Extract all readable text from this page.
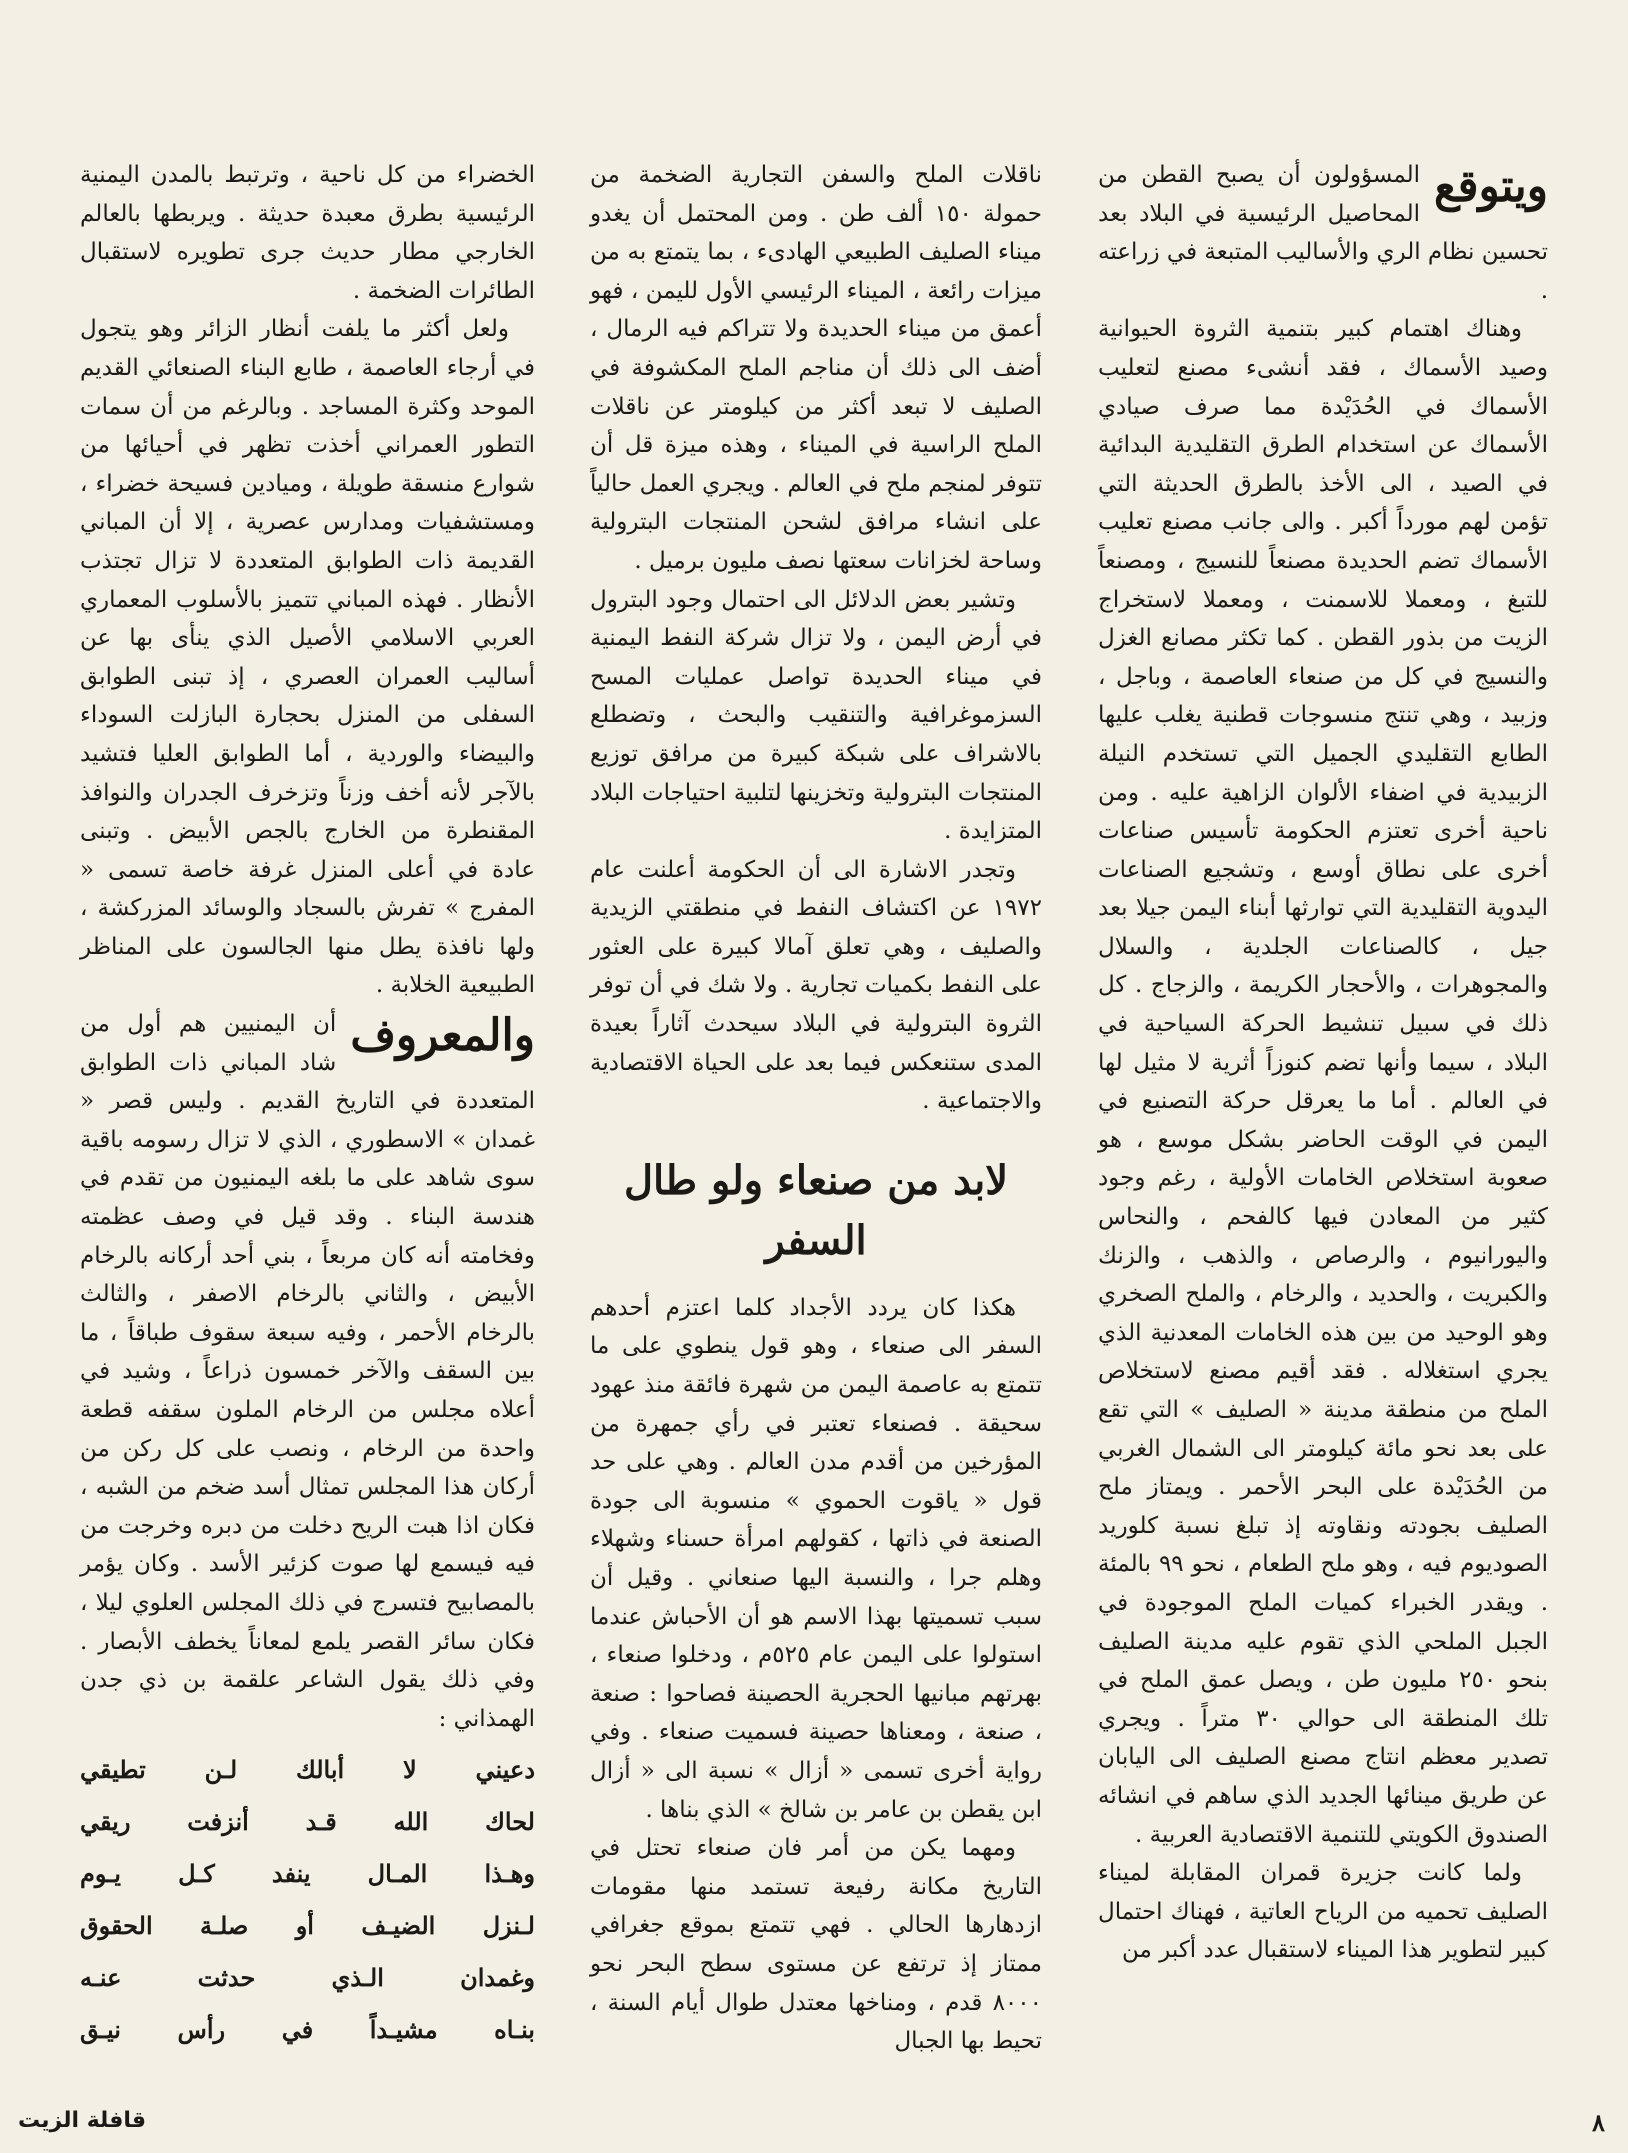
ويتوقع

المسؤولون أن يصبح القطن من المحاصيل الرئيسية في البلاد بعد تحسين نظام الري والأساليب المتبعة في زراعته .

وهناك اهتمام كبير بتنمية الثروة الحيوانية وصيد الأسماك ، فقد أنشىء مصنع لتعليب الأسماك في الحُدَيْدة مما صرف صيادي الأسماك عن استخدام الطرق التقليدية البدائية في الصيد ، الى الأخذ بالطرق الحديثة التي تؤمن لهم مورداً أكبر . والى جانب مصنع تعليب الأسماك تضم الحديدة مصنعاً للنسيج ، ومصنعاً للتبغ ، ومعملا للاسمنت ، ومعملا لاستخراج الزيت من بذور القطن . كما تكثر مصانع الغزل والنسيج في كل من صنعاء العاصمة ، وباجل ، وزبيد ، وهي تنتج منسوجات قطنية يغلب عليها الطابع التقليدي الجميل التي تستخدم النيلة الزبيدية في اضفاء الألوان الزاهية عليه . ومن ناحية أخرى تعتزم الحكومة تأسيس صناعات أخرى على نطاق أوسع ، وتشجيع الصناعات اليدوية التقليدية التي توارثها أبناء اليمن جيلا بعد جيل ، كالصناعات الجلدية ، والسلال والمجوهرات ، والأحجار الكريمة ، والزجاج . كل ذلك في سبيل تنشيط الحركة السياحية في البلاد ، سيما وأنها تضم كنوزاً أثرية لا مثيل لها في العالم . أما ما يعرقل حركة التصنيع في اليمن في الوقت الحاضر بشكل موسع ، هو صعوبة استخلاص الخامات الأولية ، رغم وجود كثير من المعادن فيها كالفحم ، والنحاس واليورانيوم ، والرصاص ، والذهب ، والزنك والكبريت ، والحديد ، والرخام ، والملح الصخري وهو الوحيد من بين هذه الخامات المعدنية الذي يجري استغلاله . فقد أقيم مصنع لاستخلاص الملح من منطقة مدينة « الصليف » التي تقع على بعد نحو مائة كيلومتر الى الشمال الغربي من الحُدَيْدة على البحر الأحمر . ويمتاز ملح الصليف بجودته ونقاوته إذ تبلغ نسبة كلوريد الصوديوم فيه ، وهو ملح الطعام ، نحو ٩٩ بالمئة . ويقدر الخبراء كميات الملح الموجودة في الجبل الملحي الذي تقوم عليه مدينة الصليف بنحو ٢٥٠ مليون طن ، ويصل عمق الملح في تلك المنطقة الى حوالي ٣٠ متراً . ويجري تصدير معظم انتاج مصنع الصليف الى اليابان عن طريق مينائها الجديد الذي ساهم في انشائه الصندوق الكويتي للتنمية الاقتصادية العربية .

ولما كانت جزيرة قمران المقابلة لميناء الصليف تحميه من الرياح العاتية ، فهناك احتمال كبير لتطوير هذا الميناء لاستقبال عدد أكبر من

ناقلات الملح والسفن التجارية الضخمة من حمولة ١٥٠ ألف طن . ومن المحتمل أن يغدو ميناء الصليف الطبيعي الهادىء ، بما يتمتع به من ميزات رائعة ، الميناء الرئيسي الأول لليمن ، فهو أعمق من ميناء الحديدة ولا تتراكم فيه الرمال ، أضف الى ذلك أن مناجم الملح المكشوفة في الصليف لا تبعد أكثر من كيلومتر عن ناقلات الملح الراسية في الميناء ، وهذه ميزة قل أن تتوفر لمنجم ملح في العالم . ويجري العمل حالياً على انشاء مرافق لشحن المنتجات البترولية وساحة لخزانات سعتها نصف مليون برميل .

وتشير بعض الدلائل الى احتمال وجود البترول في أرض اليمن ، ولا تزال شركة النفط اليمنية في ميناء الحديدة تواصل عمليات المسح السزموغرافية والتنقيب والبحث ، وتضطلع بالاشراف على شبكة كبيرة من مرافق توزيع المنتجات البترولية وتخزينها لتلبية احتياجات البلاد المتزايدة .

وتجدر الاشارة الى أن الحكومة أعلنت عام ١٩٧٢ عن اكتشاف النفط في منطقتي الزيدية والصليف ، وهي تعلق آمالا كبيرة على العثور على النفط بكميات تجارية . ولا شك في أن توفر الثروة البترولية في البلاد سيحدث آثاراً بعيدة المدى ستنعكس فيما بعد على الحياة الاقتصادية والاجتماعية .

لابد من صنعاء ولو طال السفر

هكذا كان يردد الأجداد كلما اعتزم أحدهم السفر الى صنعاء ، وهو قول ينطوي على ما تتمتع به عاصمة اليمن من شهرة فائقة منذ عهود سحيقة . فصنعاء تعتبر في رأي جمهرة من المؤرخين من أقدم مدن العالم . وهي على حد قول « ياقوت الحموي » منسوبة الى جودة الصنعة في ذاتها ، كقولهم امرأة حسناء وشهلاء وهلم جرا ، والنسبة اليها صنعاني . وقيل أن سبب تسميتها بهذا الاسم هو أن الأحباش عندما استولوا على اليمن عام ٥٢٥م ، ودخلوا صنعاء ، بهرتهم مبانيها الحجرية الحصينة فصاحوا : صنعة ، صنعة ، ومعناها حصينة فسميت صنعاء . وفي رواية أخرى تسمى « أزال » نسبة الى « أزال ابن يقطن بن عامر بن شالخ » الذي بناها .

ومهما يكن من أمر فان صنعاء تحتل في التاريخ مكانة رفيعة تستمد منها مقومات ازدهارها الحالي . فهي تتمتع بموقع جغرافي ممتاز إذ ترتفع عن مستوى سطح البحر نحو ٨٠٠٠ قدم ، ومناخها معتدل طوال أيام السنة ، تحيط بها الجبال

الخضراء من كل ناحية ، وترتبط بالمدن اليمنية الرئيسية بطرق معبدة حديثة . ويربطها بالعالم الخارجي مطار حديث جرى تطويره لاستقبال الطائرات الضخمة .

ولعل أكثر ما يلفت أنظار الزائر وهو يتجول في أرجاء العاصمة ، طابع البناء الصنعائي القديم الموحد وكثرة المساجد . وبالرغم من أن سمات التطور العمراني أخذت تظهر في أحيائها من شوارع منسقة طويلة ، وميادين فسيحة خضراء ، ومستشفيات ومدارس عصرية ، إلا أن المباني القديمة ذات الطوابق المتعددة لا تزال تجتذب الأنظار . فهذه المباني تتميز بالأسلوب المعماري العربي الاسلامي الأصيل الذي ينأى بها عن أساليب العمران العصري ، إذ تبنى الطوابق السفلى من المنزل بحجارة البازلت السوداء والبيضاء والوردية ، أما الطوابق العليا فتشيد بالآجر لأنه أخف وزناً وتزخرف الجدران والنوافذ المقنطرة من الخارج بالجص الأبيض . وتبنى عادة في أعلى المنزل غرفة خاصة تسمى « المفرج » تفرش بالسجاد والوسائد المزركشة ، ولها نافذة يطل منها الجالسون على المناظر الطبيعية الخلابة .

والمعروف

أن اليمنيين هم أول من شاد المباني ذات الطوابق المتعددة في التاريخ القديم . وليس قصر « غمدان » الاسطوري ، الذي لا تزال رسومه باقية سوى شاهد على ما بلغه اليمنيون من تقدم في هندسة البناء . وقد قيل في وصف عظمته وفخامته أنه كان مربعاً ، بني أحد أركانه بالرخام الأبيض ، والثاني بالرخام الاصفر ، والثالث بالرخام الأحمر ، وفيه سبعة سقوف طباقاً ، ما بين السقف والآخر خمسون ذراعاً ، وشيد في أعلاه مجلس من الرخام الملون سقفه قطعة واحدة من الرخام ، ونصب على كل ركن من أركان هذا المجلس تمثال أسد ضخم من الشبه ، فكان اذا هبت الريح دخلت من دبره وخرجت من فيه فيسمع لها صوت كزئير الأسد . وكان يؤمر بالمصابيح فتسرج في ذلك المجلس العلوي ليلا ، فكان سائر القصر يلمع لمعاناً يخطف الأبصار . وفي ذلك يقول الشاعر علقمة بن ذي جدن الهمذاني :

دعيني لا أبالك لـن تطيقي

لحاك الله قـد أنزفت ريقي

وهـذا المـال ينفد كـل يـوم

لـنزل الضيـف أو صلـة الحقوق

وغمدان الـذي حدثت عنـه

بنـاه مشيـداً في رأس نيـق

قافلة الزيت	٨
